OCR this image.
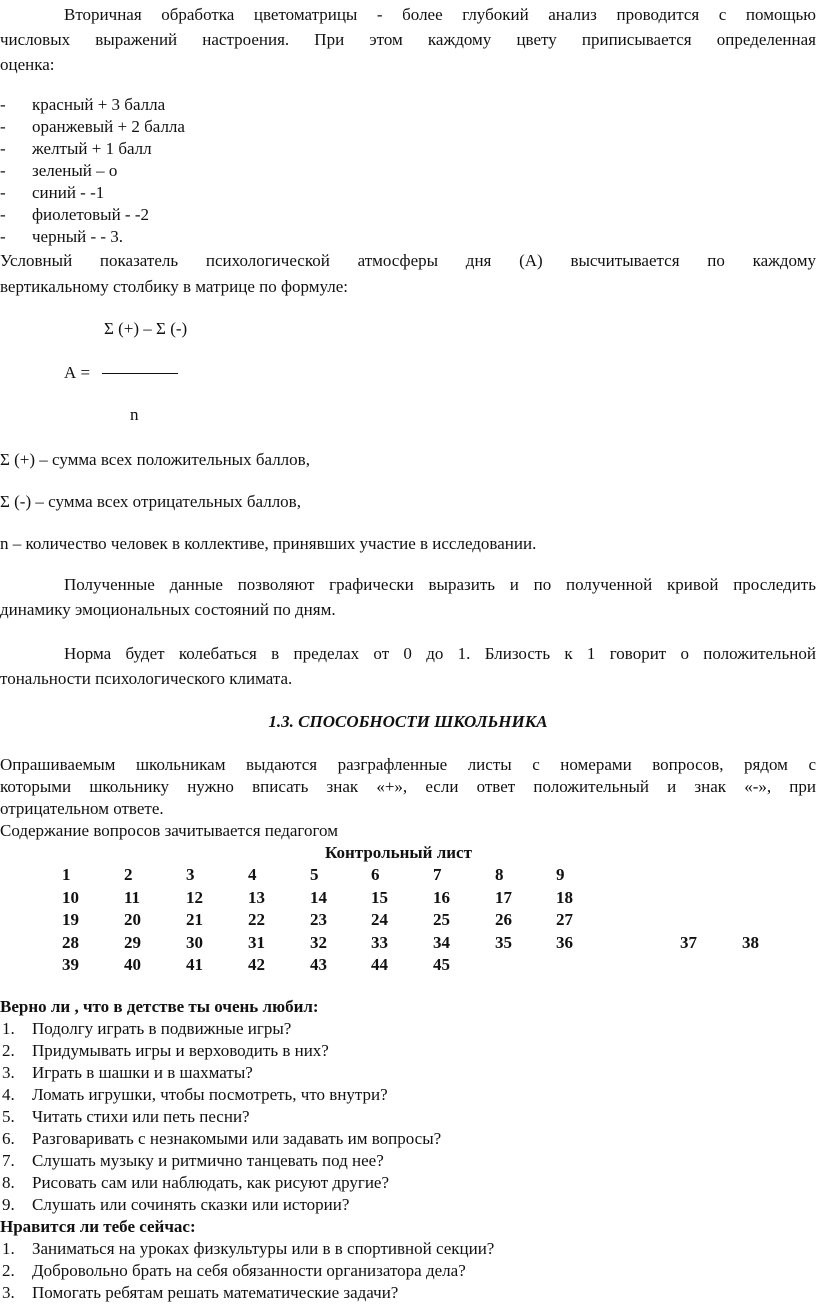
Вторичная обработка цветоматрицы - более глубокий анализ проводится с помощью
числовых выражений настроения. При этом каждому цвету приписывается определенная
оценка:
- красный + 3 балла
- оранжевый + 2 балла
- желтый + 1 балл
- зеленый – о
- синий - -1
- фиолетовый - -2
- черный - - 3.
Условный показатель психологической атмосферы дня (А) высчитывается по каждому
вертикальному столбику в матрице по формуле:
Σ (+) – Σ (-)
А =
n
Σ (+) – сумма всех положительных баллов,
Σ (-) – сумма всех отрицательных баллов,
n – количество человек в коллективе, принявших участие в исследовании.
Полученные данные позволяют графически выразить и по полученной кривой проследить
динамику эмоциональных состояний по дням.
Норма будет колебаться в пределах от 0 до 1. Близость к 1 говорит о положительной
тональности психологического климата.
1.3. СПОСОБНОСТИ ШКОЛЬНИКА
Опрашиваемым школьникам выдаются разграфленные листы с номерами вопросов, рядом с
которыми школьнику нужно вписать знак «+», если ответ положительный и знак «-», при
отрицательном ответе.
Содержание вопросов зачитывается педагогом
Контрольный лист
1	2	3	4	5	6	7	8	9
10	11	12	13	14	15	16	17	18
19	20	21	22	23	24	25	26	27
28	29	30	31	32	33	34	35	36	37	38
39	40	41	42	43	44	45
Верно ли , что в детстве ты очень любил:
1. Подолгу играть в подвижные игры?
2. Придумывать игры и верховодить в них?
3. Играть в шашки и в шахматы?
4. Ломать игрушки, чтобы посмотреть, что внутри?
5. Читать стихи или петь песни?
6. Разговаривать с незнакомыми или задавать им вопросы?
7. Слушать музыку и ритмично танцевать под нее?
8. Рисовать сам или наблюдать, как рисуют другие?
9. Слушать или сочинять сказки или истории?
Нравится ли тебе сейчас:
1. Заниматься на уроках физкультуры или в в спортивной секции?
2. Добровольно брать на себя обязанности организатора дела?
3. Помогать ребятам решать математические задачи?
